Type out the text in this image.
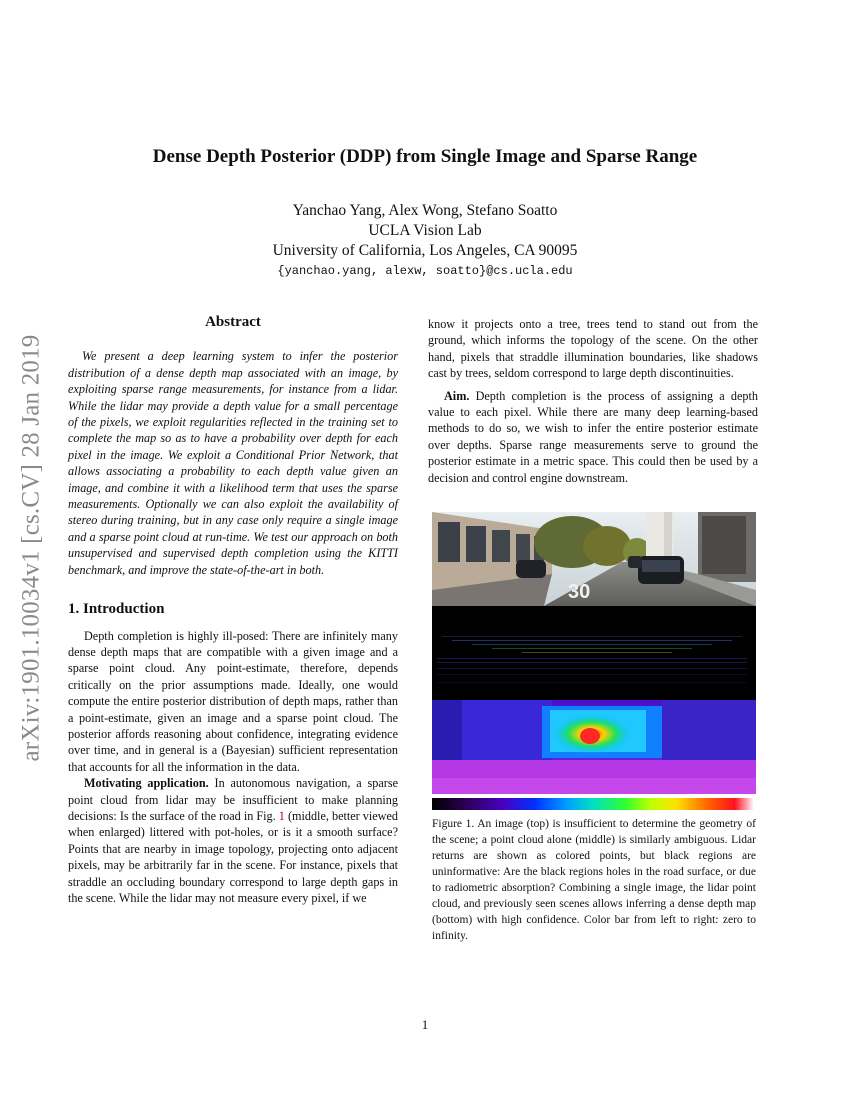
arXiv:1901.10034v1 [cs.CV] 28 Jan 2019
Dense Depth Posterior (DDP) from Single Image and Sparse Range
Yanchao Yang, Alex Wong, Stefano Soatto
UCLA Vision Lab
University of California, Los Angeles, CA 90095
{yanchao.yang, alexw, soatto}@cs.ucla.edu
Abstract

We present a deep learning system to infer the posterior distribution of a dense depth map associated with an image, by exploiting sparse range measurements, for instance from a lidar. While the lidar may provide a depth value for a small percentage of the pixels, we exploit regularities reflected in the training set to complete the map so as to have a probability over depth for each pixel in the image. We exploit a Conditional Prior Network, that allows associating a probability to each depth value given an image, and combine it with a likelihood term that uses the sparse measurements. Optionally we can also exploit the availability of stereo during training, but in any case only require a single image and a sparse point cloud at run-time. We test our approach on both unsupervised and supervised depth completion using the KITTI benchmark, and improve the state-of-the-art in both.

1. Introduction

Depth completion is highly ill-posed: There are infinitely many dense depth maps that are compatible with a given image and a sparse point cloud. Any point-estimate, therefore, depends critically on the prior assumptions made. Ideally, one would compute the entire posterior distribution of depth maps, rather than a point-estimate, given an image and a sparse point cloud. The posterior affords reasoning about confidence, integrating evidence over time, and in general is a (Bayesian) sufficient representation that accounts for all the information in the data.

Motivating application. In autonomous navigation, a sparse point cloud from lidar may be insufficient to make planning decisions: Is the surface of the road in Fig. 1 (middle, better viewed when enlarged) littered with pot-holes, or is it a smooth surface? Points that are nearby in image topology, projecting onto adjacent pixels, may be arbitrarily far in the scene. For instance, pixels that straddle an occluding boundary correspond to large depth gaps in the scene. While the lidar may not measure every pixel, if we

know it projects onto a tree, trees tend to stand out from the ground, which informs the topology of the scene. On the other hand, pixels that straddle illumination boundaries, like shadows cast by trees, seldom correspond to large depth discontinuities.

Aim. Depth completion is the process of assigning a depth value to each pixel. While there are many deep learning-based methods to do so, we wish to infer the entire posterior estimate over depths. Sparse range measurements serve to ground the posterior estimate in a metric space. This could then be used by a decision and control engine downstream.

30
Figure 1. An image (top) is insufficient to determine the geometry of the scene; a point cloud alone (middle) is similarly ambiguous. Lidar returns are shown as colored points, but black regions are uninformative: Are the black regions holes in the road surface, or due to radiometric absorption? Combining a single image, the lidar point cloud, and previously seen scenes allows inferring a dense depth map (bottom) with high confidence. Color bar from left to right: zero to infinity.
1
